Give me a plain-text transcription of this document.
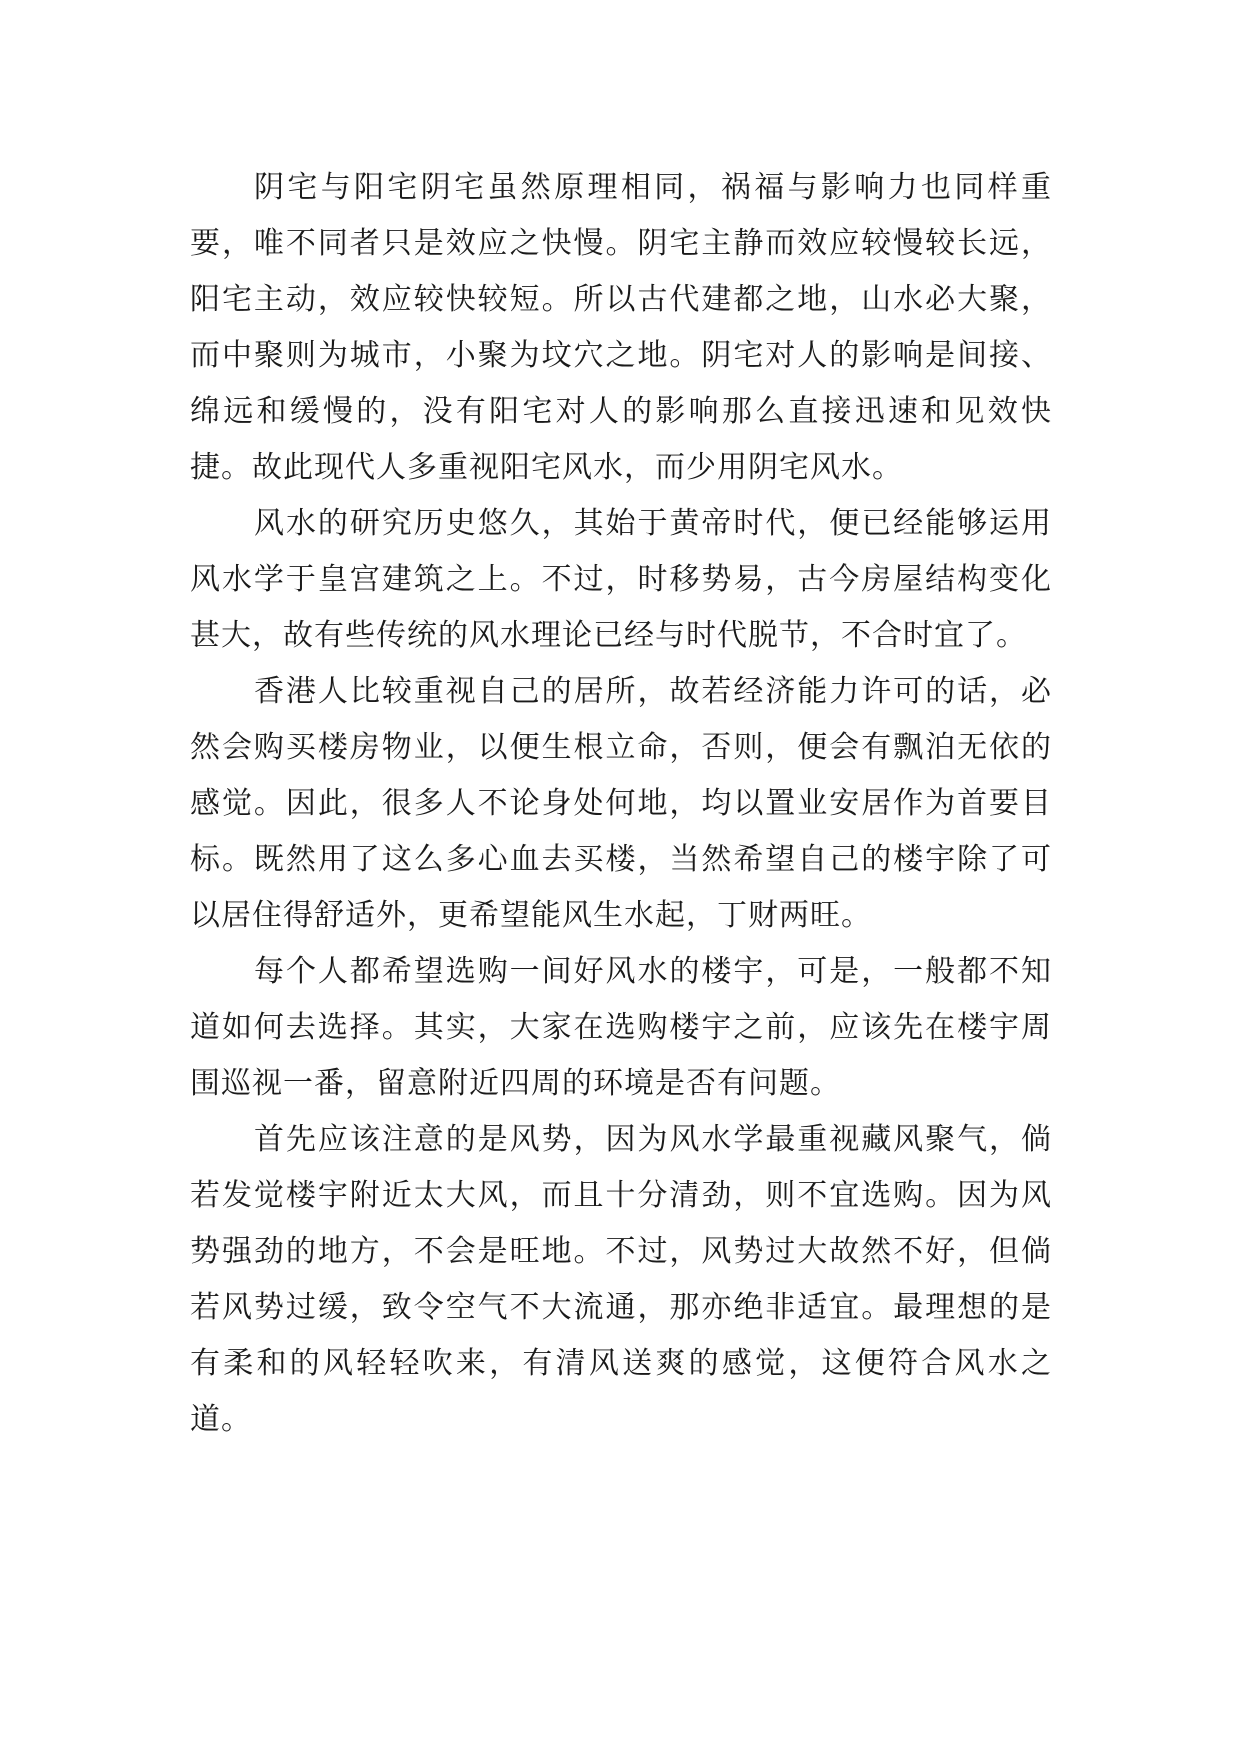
阴宅与阳宅阴宅虽然原理相同，祸福与影响力也同样重要，唯不同者只是效应之快慢。阴宅主静而效应较慢较长远，阳宅主动，效应较快较短。所以古代建都之地，山水必大聚，而中聚则为城市，小聚为坟穴之地。阴宅对人的影响是间接、绵远和缓慢的，没有阳宅对人的影响那么直接迅速和见效快捷。故此现代人多重视阳宅风水，而少用阴宅风水。

风水的研究历史悠久，其始于黄帝时代，便已经能够运用风水学于皇宫建筑之上。不过，时移势易，古今房屋结构变化甚大，故有些传统的风水理论已经与时代脱节，不合时宜了。

香港人比较重视自己的居所，故若经济能力许可的话，必然会购买楼房物业，以便生根立命，否则，便会有飘泊无依的感觉。因此，很多人不论身处何地，均以置业安居作为首要目标。既然用了这么多心血去买楼，当然希望自己的楼宇除了可以居住得舒适外，更希望能风生水起，丁财两旺。

每个人都希望选购一间好风水的楼宇，可是，一般都不知道如何去选择。其实，大家在选购楼宇之前，应该先在楼宇周围巡视一番，留意附近四周的环境是否有问题。

首先应该注意的是风势，因为风水学最重视藏风聚气，倘若发觉楼宇附近太大风，而且十分清劲，则不宜选购。因为风势强劲的地方，不会是旺地。不过，风势过大故然不好，但倘若风势过缓，致令空气不大流通，那亦绝非适宜。最理想的是有柔和的风轻轻吹来，有清风送爽的感觉，这便符合风水之道。
